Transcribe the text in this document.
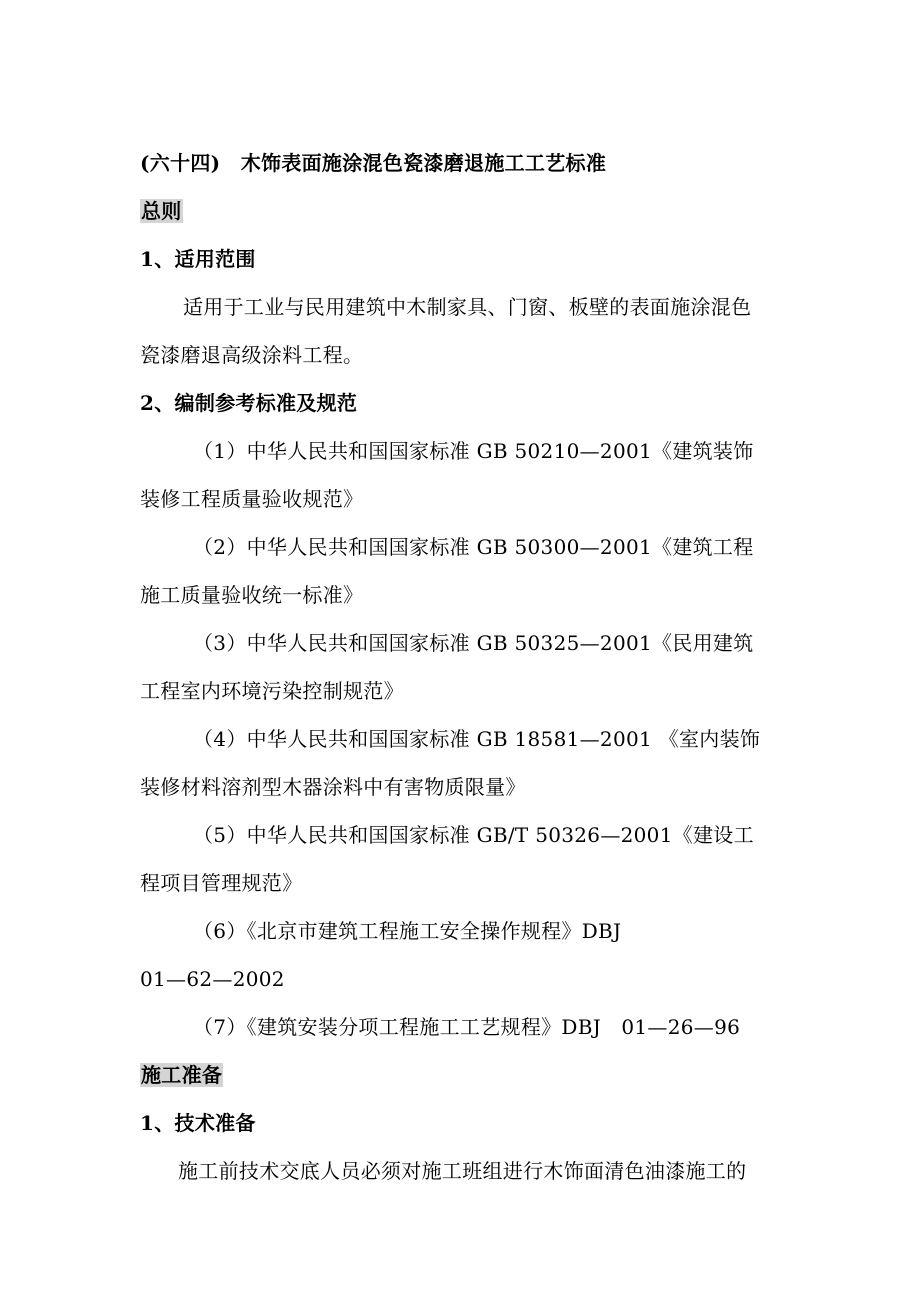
(六十四)　木饰表面施涂混色瓷漆磨退施工工艺标准
总则
1、适用范围
适用于工业与民用建筑中木制家具、门窗、板壁的表面施涂混色
瓷漆磨退高级涂料工程。
2、编制参考标准及规范
（1）中华人民共和国国家标准 GB 50210—2001《建筑装饰
装修工程质量验收规范》
（2）中华人民共和国国家标准 GB 50300—2001《建筑工程
施工质量验收统一标准》
（3）中华人民共和国国家标准 GB 50325—2001《民用建筑
工程室内环境污染控制规范》
（4）中华人民共和国国家标准 GB 18581—2001 《室内装饰
装修材料溶剂型木器涂料中有害物质限量》
（5）中华人民共和国国家标准 GB/T 50326—2001《建设工
程项目管理规范》
（6）《北京市建筑工程施工安全操作规程》DBJ
01—62—2002
（7）《建筑安装分项工程施工工艺规程》DBJ　01—26—96
施工准备
1、技术准备
施工前技术交底人员必须对施工班组进行木饰面清色油漆施工的
